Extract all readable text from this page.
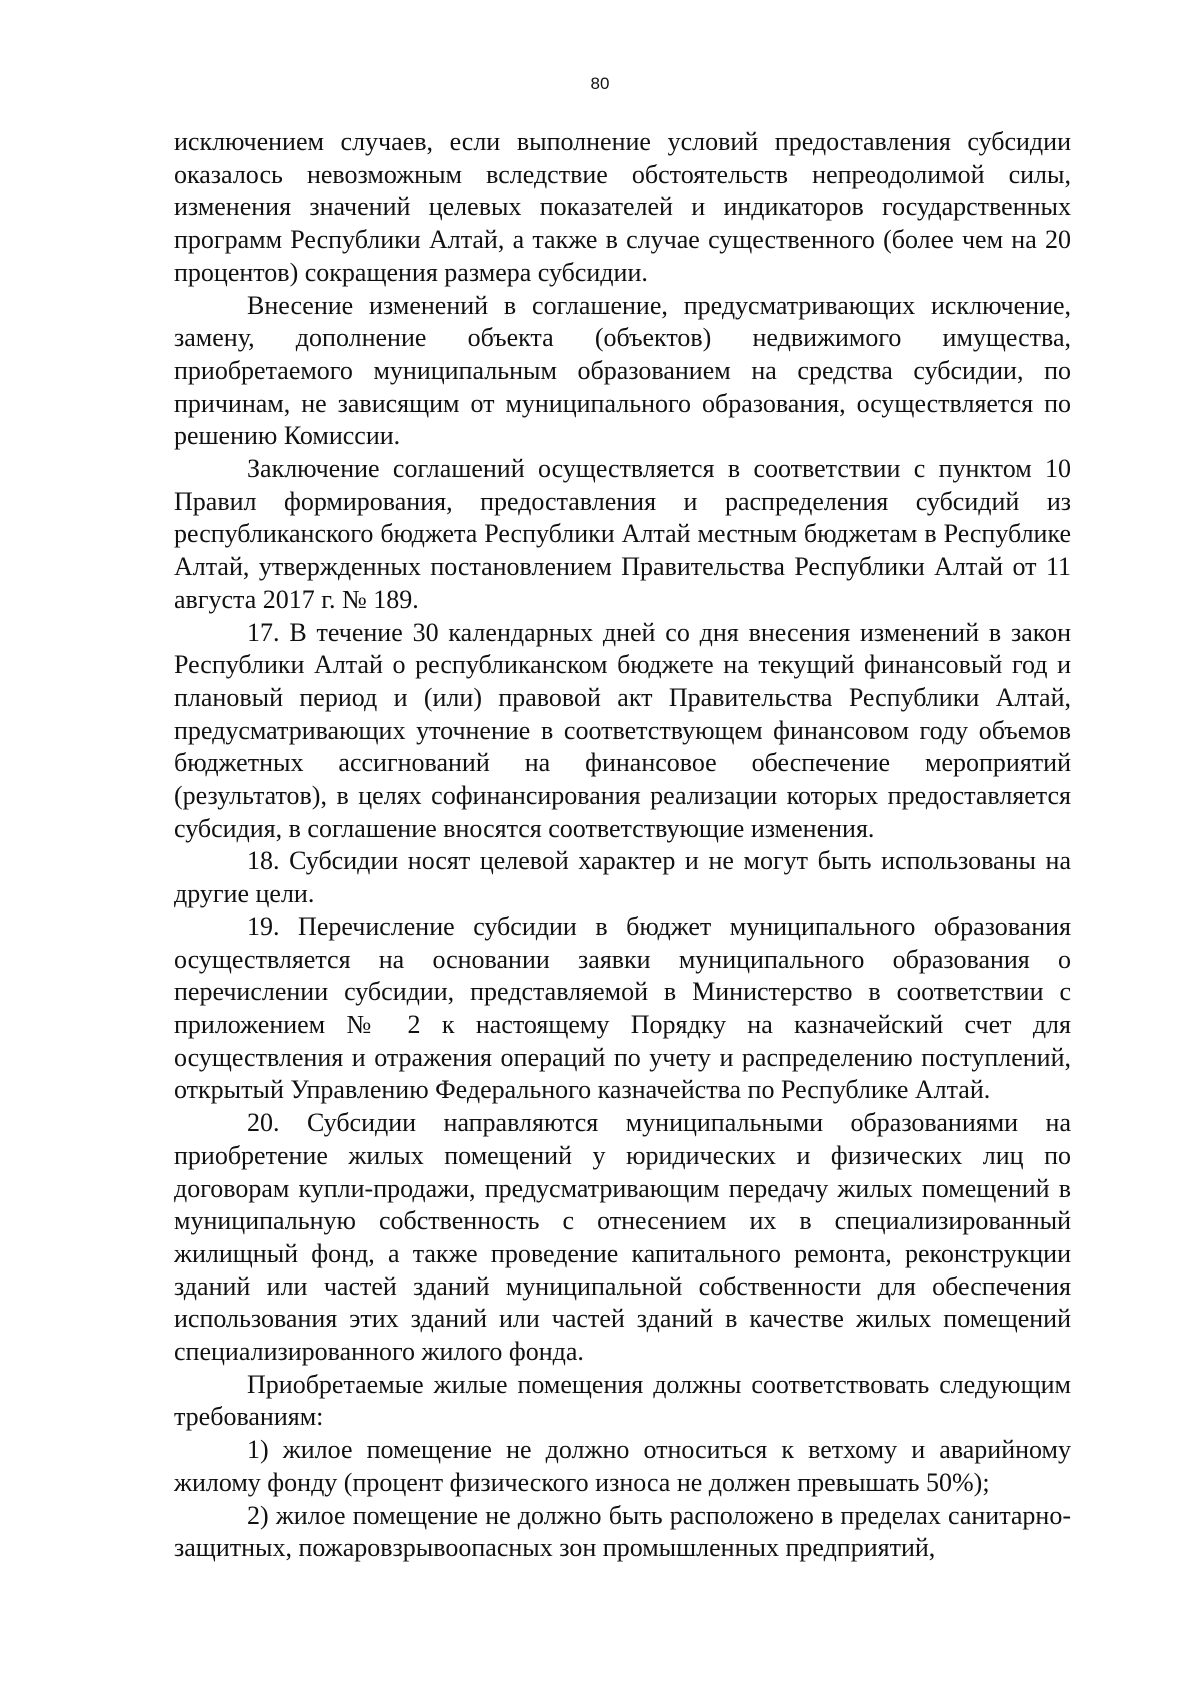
80

исключением случаев, если выполнение условий предоставления субсидии оказалось невозможным вследствие обстоятельств непреодолимой силы, изменения значений целевых показателей и индикаторов государственных программ Республики Алтай, а также в случае существенного (более чем на 20 процентов) сокращения размера субсидии.

Внесение изменений в соглашение, предусматривающих исключение, замену, дополнение объекта (объектов) недвижимого имущества, приобретаемого муниципальным образованием на средства субсидии, по причинам, не зависящим от муниципального образования, осуществляется по решению Комиссии.

Заключение соглашений осуществляется в соответствии с пунктом 10 Правил формирования, предоставления и распределения субсидий из республиканского бюджета Республики Алтай местным бюджетам в Республике Алтай, утвержденных постановлением Правительства Республики Алтай от 11 августа 2017 г. № 189.

17. В течение 30 календарных дней со дня внесения изменений в закон Республики Алтай о республиканском бюджете на текущий финансовый год и плановый период и (или) правовой акт Правительства Республики Алтай, предусматривающих уточнение в соответствующем финансовом году объемов бюджетных ассигнований на финансовое обеспечение мероприятий (результатов), в целях софинансирования реализации которых предоставляется субсидия, в соглашение вносятся соответствующие изменения.

18. Субсидии носят целевой характер и не могут быть использованы на другие цели.

19. Перечисление субсидии в бюджет муниципального образования осуществляется на основании заявки муниципального образования о перечислении субсидии, представляемой в Министерство в соответствии с приложением № 2 к настоящему Порядку на казначейский счет для осуществления и отражения операций по учету и распределению поступлений, открытый Управлению Федерального казначейства по Республике Алтай.

20. Субсидии направляются муниципальными образованиями на приобретение жилых помещений у юридических и физических лиц по договорам купли-продажи, предусматривающим передачу жилых помещений в муниципальную собственность с отнесением их в специализированный жилищный фонд, а также проведение капитального ремонта, реконструкции зданий или частей зданий муниципальной собственности для обеспечения использования этих зданий или частей зданий в качестве жилых помещений специализированного жилого фонда.

Приобретаемые жилые помещения должны соответствовать следующим требованиям:

1) жилое помещение не должно относиться к ветхому и аварийному жилому фонду (процент физического износа не должен превышать 50%);

2) жилое помещение не должно быть расположено в пределах санитарно-защитных, пожаровзрывоопасных зон промышленных предприятий,
